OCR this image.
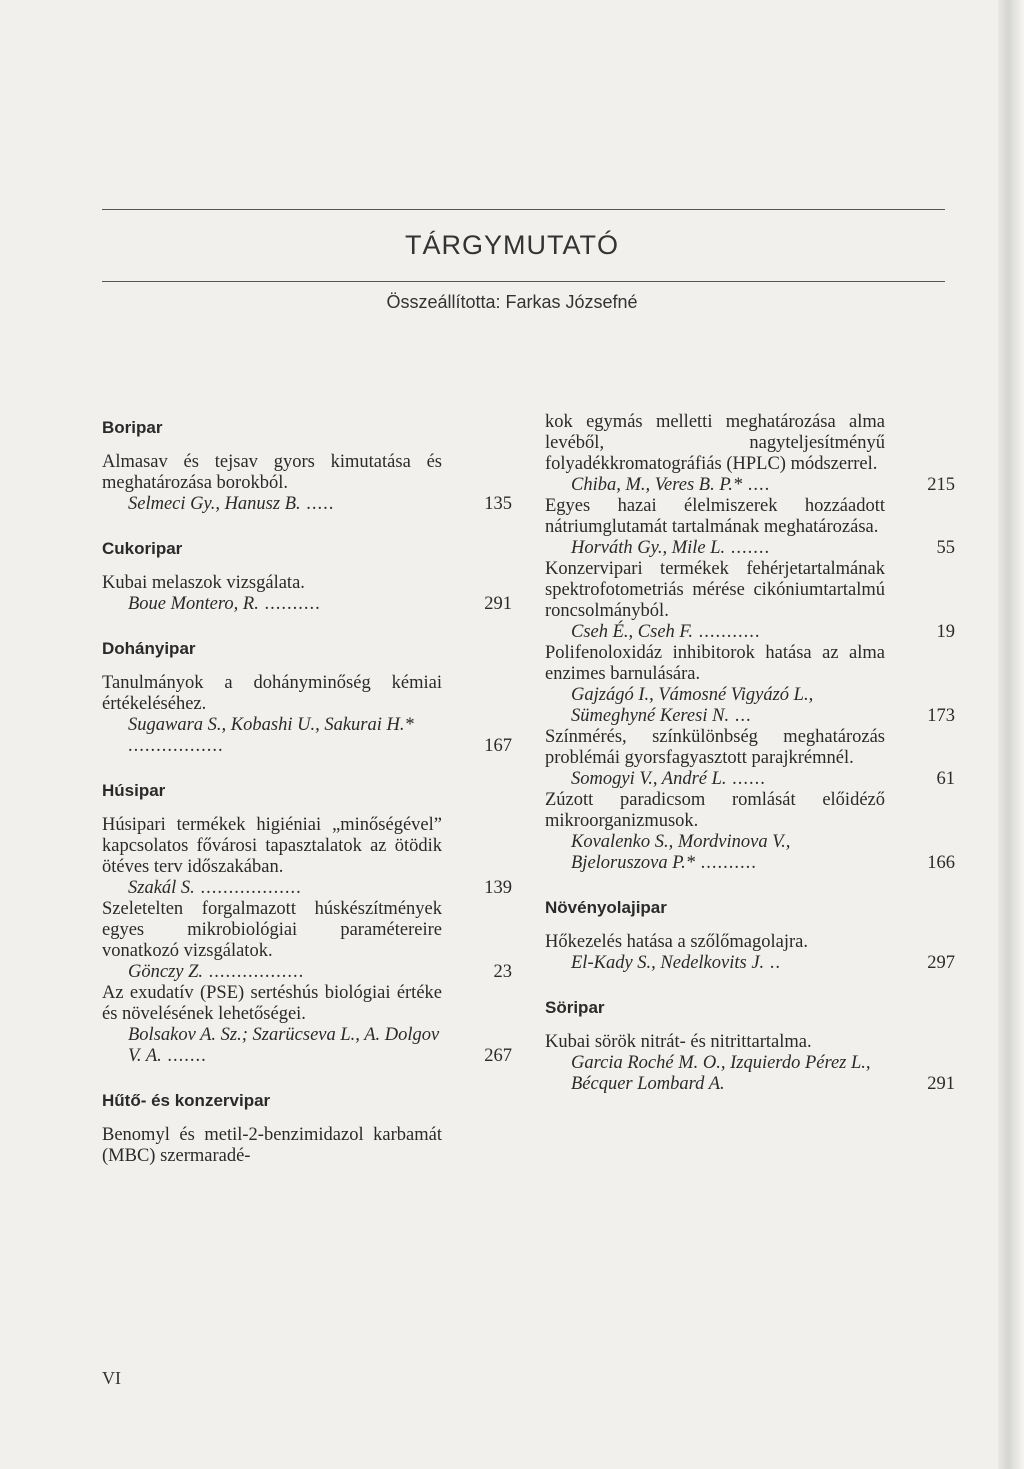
TÁRGYMUTATÓ
Összeállította: Farkas Józsefné
Boripar
Almasav és tejsav gyors kimutatása és meghatározása borokból.
Selmeci Gy., Hanusz B. .....	135
Cukoripar
Kubai melaszok vizsgálata.
Boue Montero, R. ..........	291
Dohányipar
Tanulmányok a dohányminőség kémiai értékeléséhez.
Sugawara S., Kobashi U., Sakurai H.* .................	167
Húsipar
Húsipari termékek higiéniai „minőségével” kapcsolatos fővárosi tapasztalatok az ötödik ötéves terv időszakában.
Szakál S. ..................	139
Szeletelten forgalmazott húskészítmények egyes mikrobiológiai paramétereire vonatkozó vizsgálatok.
Gönczy Z. .................	23
Az exudatív (PSE) sertéshús biológiai értéke és növelésének lehetőségei.
Bolsakov A. Sz.; Szarücseva L., A. Dolgov V. A. .......	267
Hűtő- és konzervipar
Benomyl és metil-2-benzimidazol karbamát (MBC) szermaradé-
kok egymás melletti meghatározása alma levéből, nagyteljesítményű folyadékkromatográfiás (HPLC) módszerrel.
Chiba, M., Veres B. P.* ....	215
Egyes hazai élelmiszerek hozzáadott nátriumglutamát tartalmának meghatározása.
Horváth Gy., Mile L. .......	55
Konzervipari termékek fehérjetartalmának spektrofotometriás mérése cikóniumtartalmú roncsolmányból.
Cseh É., Cseh F. ...........	19
Polifenoloxidáz inhibitorok hatása az alma enzimes barnulására.
Gajzágó I., Vámosné Vigyázó L., Sümeghyné Keresi N. ...	173
Színmérés, színkülönbség meghatározás problémái gyorsfagyasztott parajkrémnél.
Somogyi V., André L. ......	61
Zúzott paradicsom romlását előidéző mikroorganizmusok.
Kovalenko S., Mordvinova V., Bjeloruszova P.* ..........	166
Növényolajipar
Hőkezelés hatása a szőlőmagolajra.
El-Kady S., Nedelkovits J. ..	297
Söripar
Kubai sörök nitrát- és nitrittartalma.
Garcia Roché M. O., Izquierdo Pérez L., Bécquer Lombard A.	291
VI
